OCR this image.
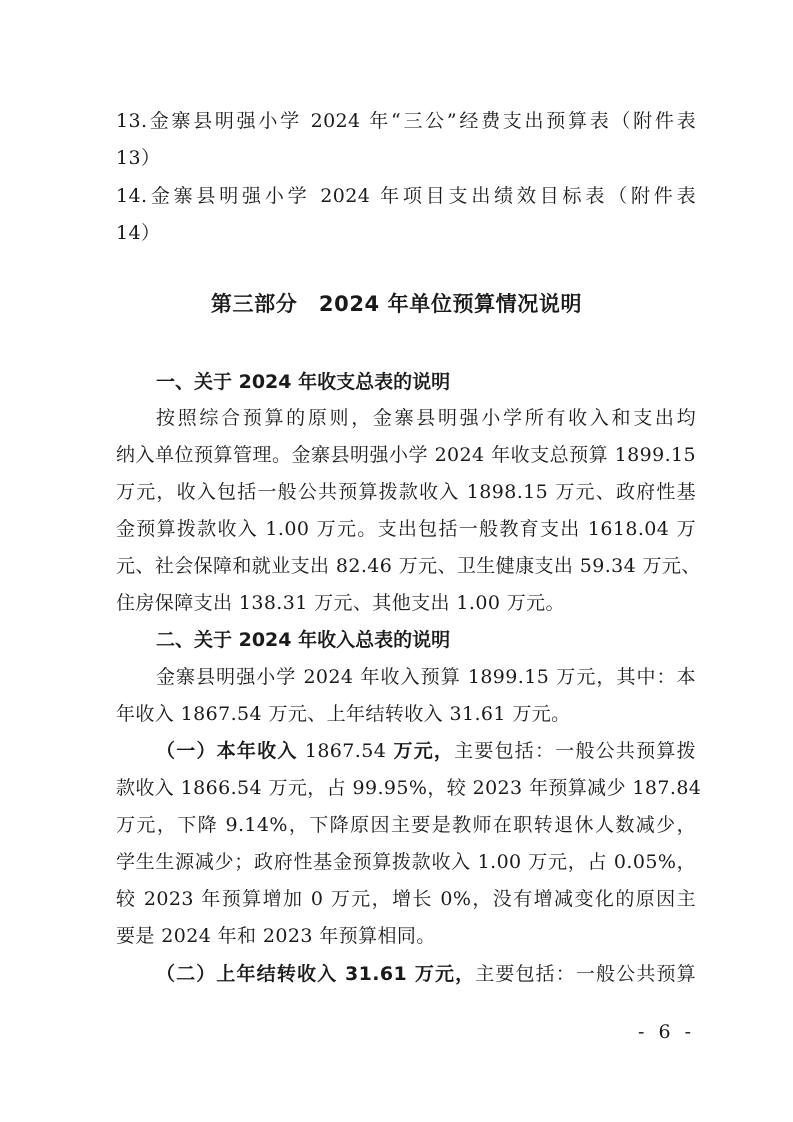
13.金寨县明强小学 2024 年“三公”经费支出预算表（附件表
13）
14.金寨县明强小学 2024 年项目支出绩效目标表（附件表
14）
第三部分　2024 年单位预算情况说明
一、关于 2024 年收支总表的说明
按照综合预算的原则，金寨县明强小学所有收入和支出均
纳入单位预算管理。金寨县明强小学 2024 年收支总预算 1899.15
万元，收入包括一般公共预算拨款收入 1898.15 万元、政府性基
金预算拨款收入 1.00 万元。支出包括一般教育支出 1618.04 万
元、社会保障和就业支出 82.46 万元、卫生健康支出 59.34 万元、
住房保障支出 138.31 万元、其他支出 1.00 万元。
二、关于 2024 年收入总表的说明
金寨县明强小学 2024 年收入预算 1899.15 万元，其中：本
年收入 1867.54 万元、上年结转收入 31.61 万元。
（一）本年收入 1867.54 万元，主要包括：一般公共预算拨
款收入 1866.54 万元，占 99.95%，较 2023 年预算减少 187.84
万元，下降 9.14%，下降原因主要是教师在职转退休人数减少，
学生生源减少；政府性基金预算拨款收入 1.00 万元，占 0.05%，
较 2023 年预算增加 0 万元，增长 0%，没有增减变化的原因主
要是 2024 年和 2023 年预算相同。
（二）上年结转收入 31.61 万元，主要包括：一般公共预算
- 6 -
